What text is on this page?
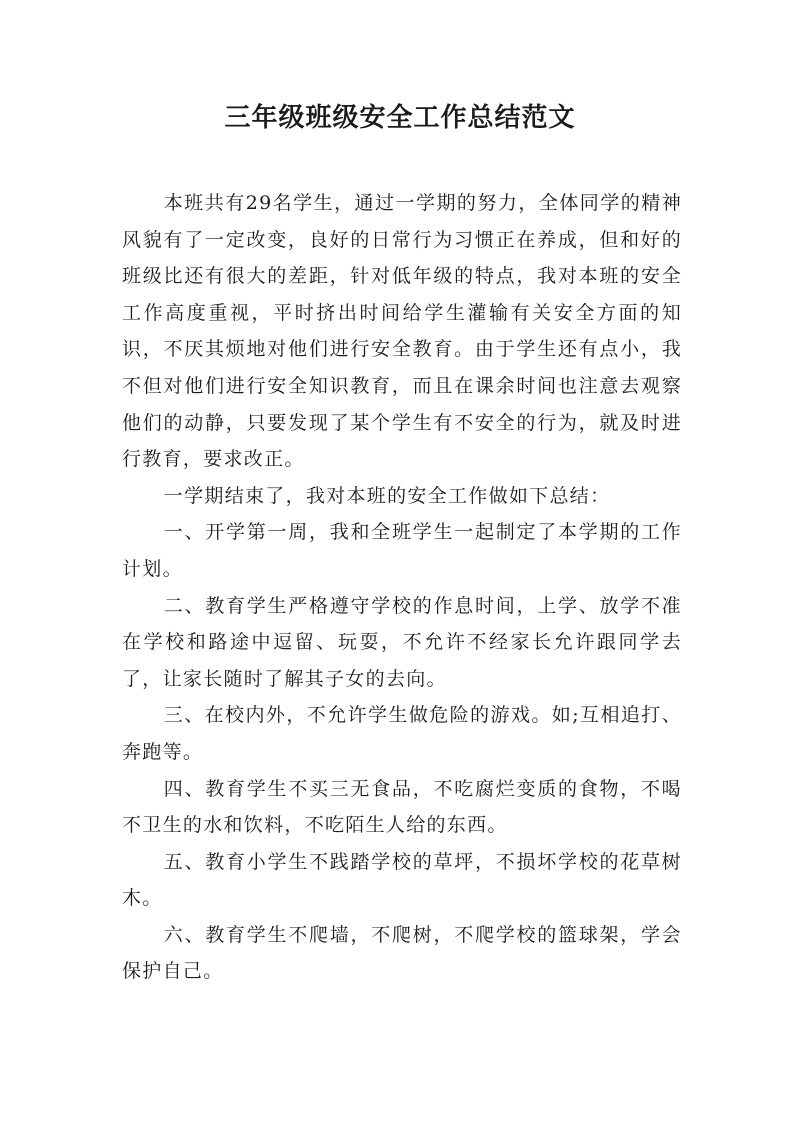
三年级班级安全工作总结范文

本班共有29名学生，通过一学期的努力，全体同学的精神风貌有了一定改变，良好的日常行为习惯正在养成，但和好的班级比还有很大的差距，针对低年级的特点，我对本班的安全工作高度重视，平时挤出时间给学生灌输有关安全方面的知识，不厌其烦地对他们进行安全教育。由于学生还有点小，我不但对他们进行安全知识教育，而且在课余时间也注意去观察他们的动静，只要发现了某个学生有不安全的行为，就及时进行教育，要求改正。

一学期结束了，我对本班的安全工作做如下总结：

一、开学第一周，我和全班学生一起制定了本学期的工作计划。

二、教育学生严格遵守学校的作息时间，上学、放学不准在学校和路途中逗留、玩耍，不允许不经家长允许跟同学去了，让家长随时了解其子女的去向。

三、在校内外，不允许学生做危险的游戏。如;互相追打、奔跑等。

四、教育学生不买三无食品，不吃腐烂变质的食物，不喝不卫生的水和饮料，不吃陌生人给的东西。

五、教育小学生不践踏学校的草坪，不损坏学校的花草树木。

六、教育学生不爬墙，不爬树，不爬学校的篮球架，学会保护自己。
